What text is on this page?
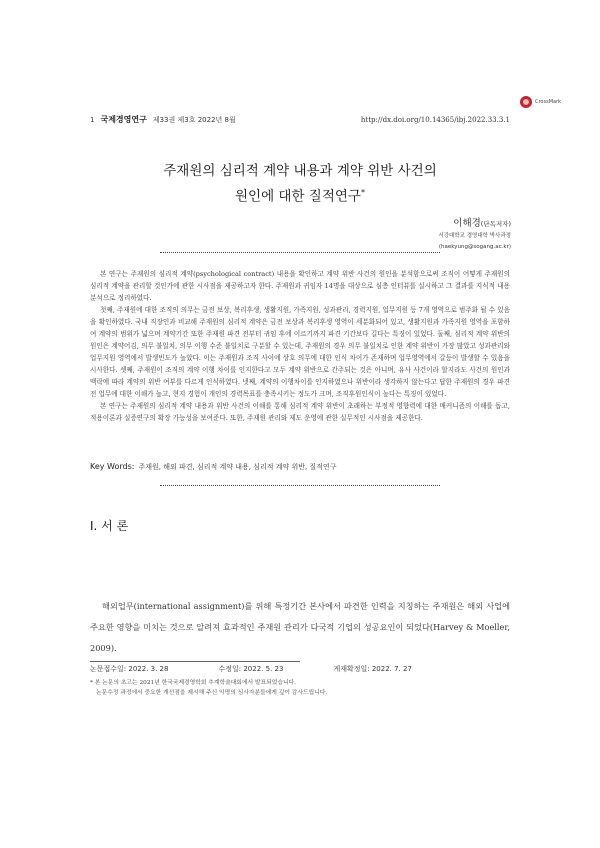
CrossMark
1 국제경영연구 제33권 제3호 2022년 8월	http://dx.doi.org/10.14365/ibj.2022.33.3.1
주재원의 심리적 계약 내용과 계약 위반 사건의
원인에 대한 질적연구*
이해경(단독저자)
서강대학교 경영대학 박사과정
(haekyung@sogang.ac.kr)

본 연구는 주재원의 심리적 계약(psychological contract) 내용을 확인하고 계약 위반 사건의 원인을 분석함으로써 조직이 어떻게 주재원의 심리적 계약을 관리할 것인가에 관한 시사점을 제공하고자 한다. 주재원과 귀임자 14명을 대상으로 심층 인터뷰를 실시하고 그 결과를 지식적 내용분석으로 정리하였다.

첫째, 주재원에 대한 조직의 의무는 금전 보상, 복리후생, 생활지원, 가족지원, 성과관리, 경력지원, 업무지원 등 7개 영역으로 범주화 될 수 있음을 확인하였다. 국내 직장인과 비교해 주재원의 심리적 계약은 금전 보상과 복리후생 영역이 세분화되어 있고, 생활지원과 가족지원 영역을 포함하여 계약의 범위가 넓으며 계약기간 또한 주재원 파견 전부터 귀임 후에 이르기까지 파견 기간보다 길다는 특징이 있었다. 둘째, 심리적 계약 위반의 원인은 계약어김, 의무 불일치, 의무 이행 수준 불일치로 구분할 수 있는데, 주재원의 경우 의무 불일치로 인한 계약 위반이 가장 많았고 성과관리와 업무지원 영역에서 발생빈도가 높았다. 이는 주재원과 조직 사이에 상호 의무에 대한 인식 차이가 존재하며 업무영역에서 갈등이 발생할 수 있음을 시사한다. 셋째, 주재원이 조직의 계약 이행 차이를 인지한다고 모두 계약 위반으로 간주되는 것은 아니며, 유사 사건이라 할지라도 사건의 원인과 맥락에 따라 계약의 위반 여부를 다르게 인식하였다. 넷째, 계약의 이행차이를 인지하였으나 위반이라 생각하지 않는다고 답한 주재원의 경우 파견 전 업무에 대한 이해가 높고, 현지 경험이 개인의 경력목표를 충족시키는 정도가 크며, 조직후원인식이 높다는 특징이 있었다.

본 연구는 주재원의 심리적 계약 내용과 위반 사건의 이해를 통해 심리적 계약 위반이 초래하는 부정적 영향력에 대한 매커니즘의 이해를 돕고, 적용이론과 실증연구의 확장 가능성을 보여준다. 또한, 주재원 관리와 제도 운영에 관한 실무적인 시사점을 제공한다.

Key Words: 주재원, 해외 파견, 심리적 계약 내용, 심리적 계약 위반, 질적연구
Ⅰ. 서 론
해외업무(international assignment)를 위해 특정기간 본사에서 파견한 인력을 지칭하는 주재원은 해외 사업에 주요한 영향을 미치는 것으로 알려져 효과적인 주재원 관리가 다국적 기업의 성공요인이 되었다(Harvey & Moeller, 2009).
논문접수일: 2022. 3. 28	수정일: 2022. 5. 23	게재확정일: 2022. 7. 27
* 본 논문의 초고는 2021년 한국국제경영학회 추계학술대회에서 발표되었습니다.
논문수정 과정에서 중요한 개선점을 제시해 주신 익명의 심사자분들에게 깊이 감사드립니다.
